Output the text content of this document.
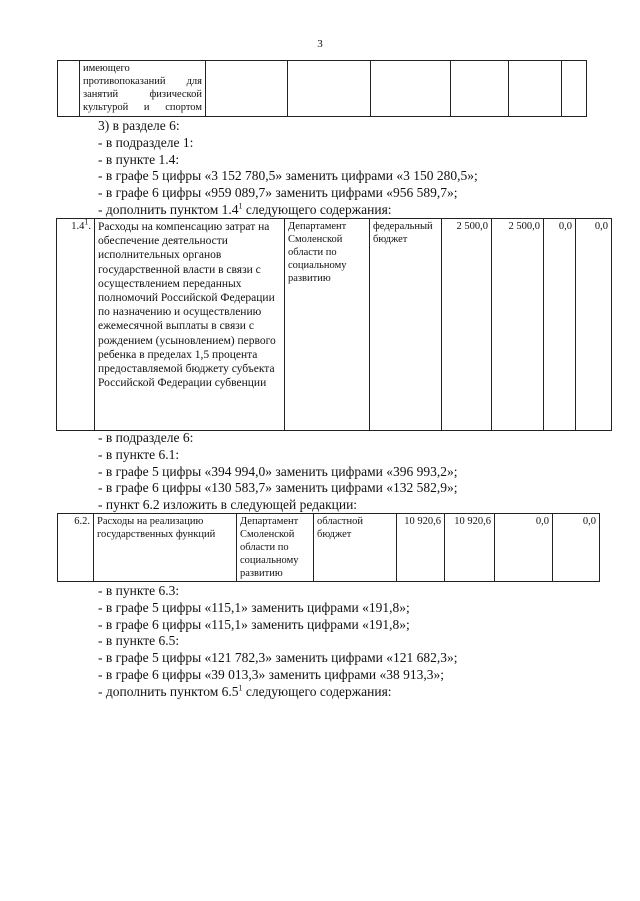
3
	имеющего противопоказаний для занятий физической культурой и спортом						
3) в разделе 6:
- в подразделе 1:
- в пункте 1.4:
- в графе 5 цифры «3 152 780,5» заменить цифрами «3 150 280,5»;
- в графе 6 цифры «959 089,7» заменить цифрами «956 589,7»;
- дополнить пунктом $1.4^1$ следующего содержания:
$1.4^1$.	Расходы на компенсацию затрат на обеспечение деятельности исполнительных органов государственной власти в связи с осуществлением переданных полномочий Российской Федерации по назначению и осуществлению ежемесячной выплаты в связи с рождением (усыновлением) первого ребенка в пределах 1,5 процента предоставляемой бюджету субъекта Российской Федерации субвенции	Департамент Смоленской области по социальному развитию	федеральный бюджет	2 500,0	2 500,0	0,0	0,0
- в подразделе 6:
- в пункте 6.1:
- в графе 5 цифры «394 994,0» заменить цифрами «396 993,2»;
- в графе 6 цифры «130 583,7» заменить цифрами «132 582,9»;
- пункт 6.2 изложить в следующей редакции:
6.2.	Расходы на реализацию государственных функций	Департамент Смоленской области по социальному развитию	областной бюджет	10 920,6	10 920,6	0,0	0,0
- в пункте 6.3:
- в графе 5 цифры «115,1» заменить цифрами «191,8»;
- в графе 6 цифры «115,1» заменить цифрами «191,8»;
- в пункте 6.5:
- в графе 5 цифры «121 782,3» заменить цифрами «121 682,3»;
- в графе 6 цифры «39 013,3» заменить цифрами «38 913,3»;
- дополнить пунктом $6.5^1$ следующего содержания:
